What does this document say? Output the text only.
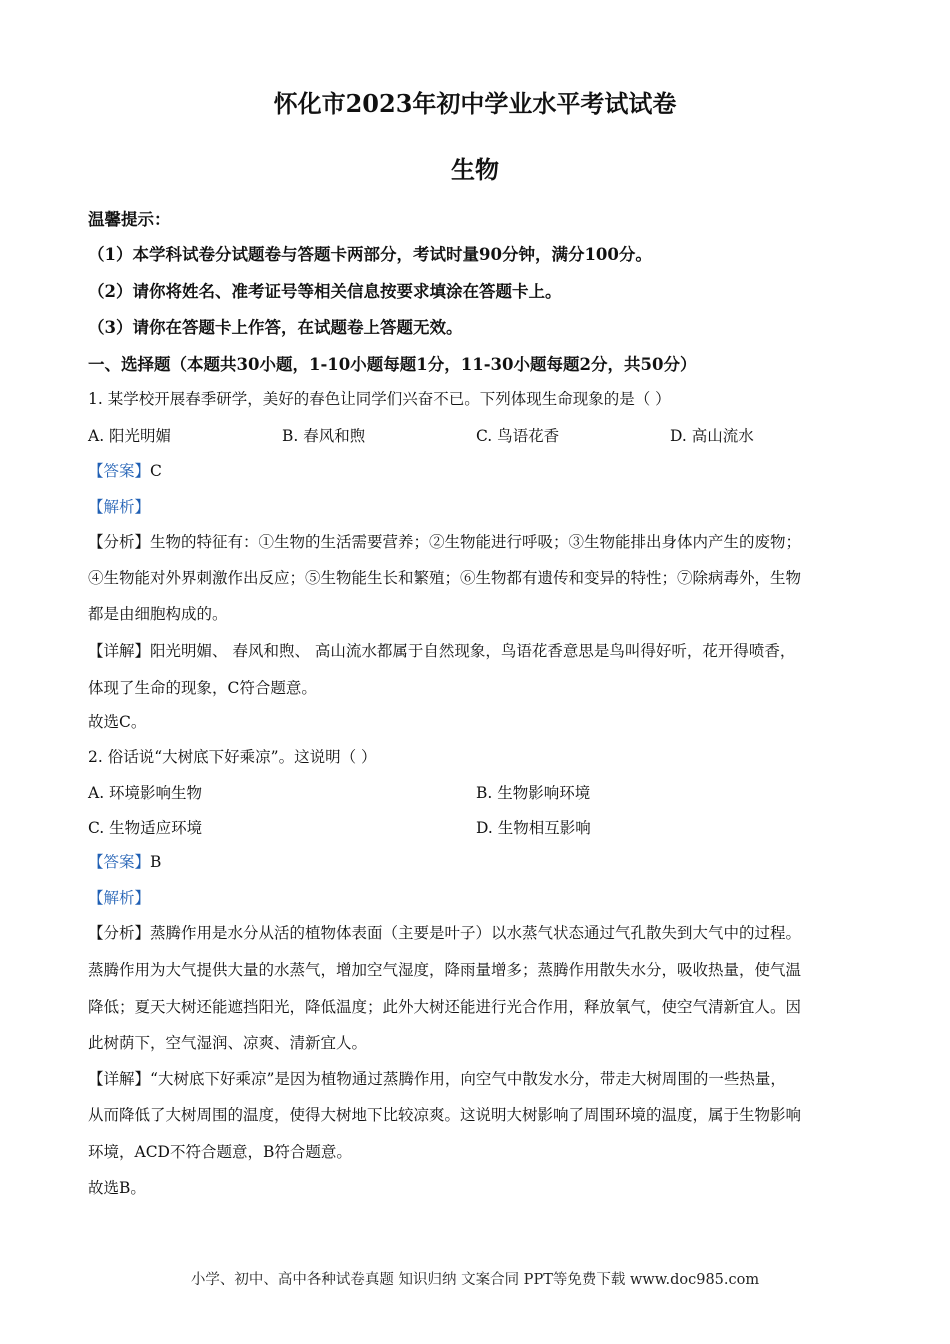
怀化市2023年初中学业水平考试试卷
生物
温馨提示：
（1）本学科试卷分试题卷与答题卡两部分，考试时量90分钟，满分100分。
（2）请你将姓名、准考证号等相关信息按要求填涂在答题卡上。
（3）请你在答题卡上作答，在试题卷上答题无效。
一、选择题（本题共30小题，1-10小题每题1分，11-30小题每题2分，共50分）
1. 某学校开展春季研学，美好的春色让同学们兴奋不已。下列体现生命现象的是（ ）
A. 阳光明媚	B. 春风和煦	C. 鸟语花香	D. 高山流水
【答案】C
【解析】
【分析】生物的特征有：①生物的生活需要营养；②生物能进行呼吸；③生物能排出身体内产生的废物；
④生物能对外界刺激作出反应；⑤生物能生长和繁殖；⑥生物都有遗传和变异的特性；⑦除病毒外，生物
都是由细胞构成的。
【详解】阳光明媚、 春风和煦、 高山流水都属于自然现象，鸟语花香意思是鸟叫得好听，花开得喷香，
体现了生命的现象，C符合题意。
故选C。
2. 俗话说“大树底下好乘凉”。这说明（ ）
A. 环境影响生物	B. 生物影响环境
C. 生物适应环境	D. 生物相互影响
【答案】B
【解析】
【分析】蒸腾作用是水分从活的植物体表面（主要是叶子）以水蒸气状态通过气孔散失到大气中的过程。
蒸腾作用为大气提供大量的水蒸气，增加空气湿度，降雨量增多；蒸腾作用散失水分，吸收热量，使气温
降低；夏天大树还能遮挡阳光，降低温度；此外大树还能进行光合作用，释放氧气，使空气清新宜人。因
此树荫下，空气湿润、凉爽、清新宜人。
【详解】“大树底下好乘凉”是因为植物通过蒸腾作用，向空气中散发水分，带走大树周围的一些热量，
从而降低了大树周围的温度，使得大树地下比较凉爽。这说明大树影响了周围环境的温度，属于生物影响
环境，ACD不符合题意，B符合题意。
故选B。
小学、初中、高中各种试卷真题 知识归纳 文案合同 PPT等免费下载 www.doc985.com
